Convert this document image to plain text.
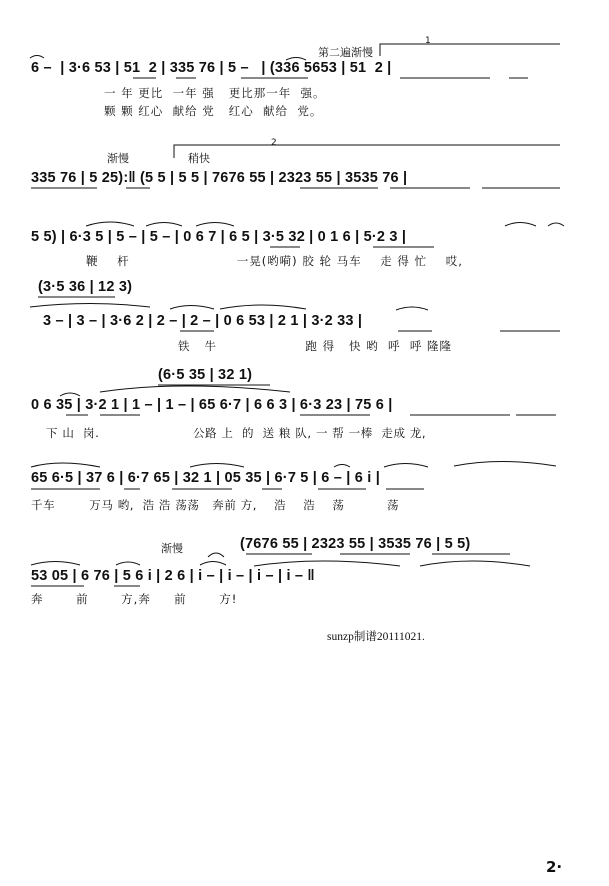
第二遍渐慢
1
6 –  | 3·6 53 | 51  2 | 335 76 | 5 –   | (336 5653 | 51  2 |
一 年 更比  一年 强   更比那一年  强。
颗 颗 红心  献给 党   红心  献给  党。
渐慢	稍快
2
335 76 | 5 25):‖ (5 5 | 5 5 | 7676 55 | 2323 55 | 3535 76 |
5 5) | 6·3 5 | 5 – | 5 – | 0 6 7 | 6 5 | 3·5 32 | 0 1 6 | 5·2 3 |
鞭    杆                       一晃(哟嗬) 胶 轮 马车    走 得 忙    哎,
(3·5 36 | 12 3)
3 – | 3 – | 3·6 2 | 2 – | 2 – | 0 6 53 | 2 1 | 3·2 33 |
铁   牛                   跑 得   快 哟  呼  呼 隆隆
(6·5 35 | 32 1)
0 6 35 | 3·2 1 | 1 – | 1 – | 65 6·7 | 6 6 3 | 6·3 23 | 75 6 |
下 山  岗.                      公路 上  的  送 粮 队, 一 帮 一棒  走成 龙,
65 6·5 | 37 6 | 6·7 65 | 32 1 | 05 35 | 6·7 5 | 6 – | 6 i |
千车        万马 哟,  浩 浩 荡荡   奔前 方,    浩    浩    荡          荡
渐慢	(7676 55 | 2323 55 | 3535 76 | 5 5)
53 05 | 6 76 | 5 6 i | 2 6 | i – | i – | i – | i – ‖
奔       前       方,奔     前       方!
sunzp制谱20111021.
2·
